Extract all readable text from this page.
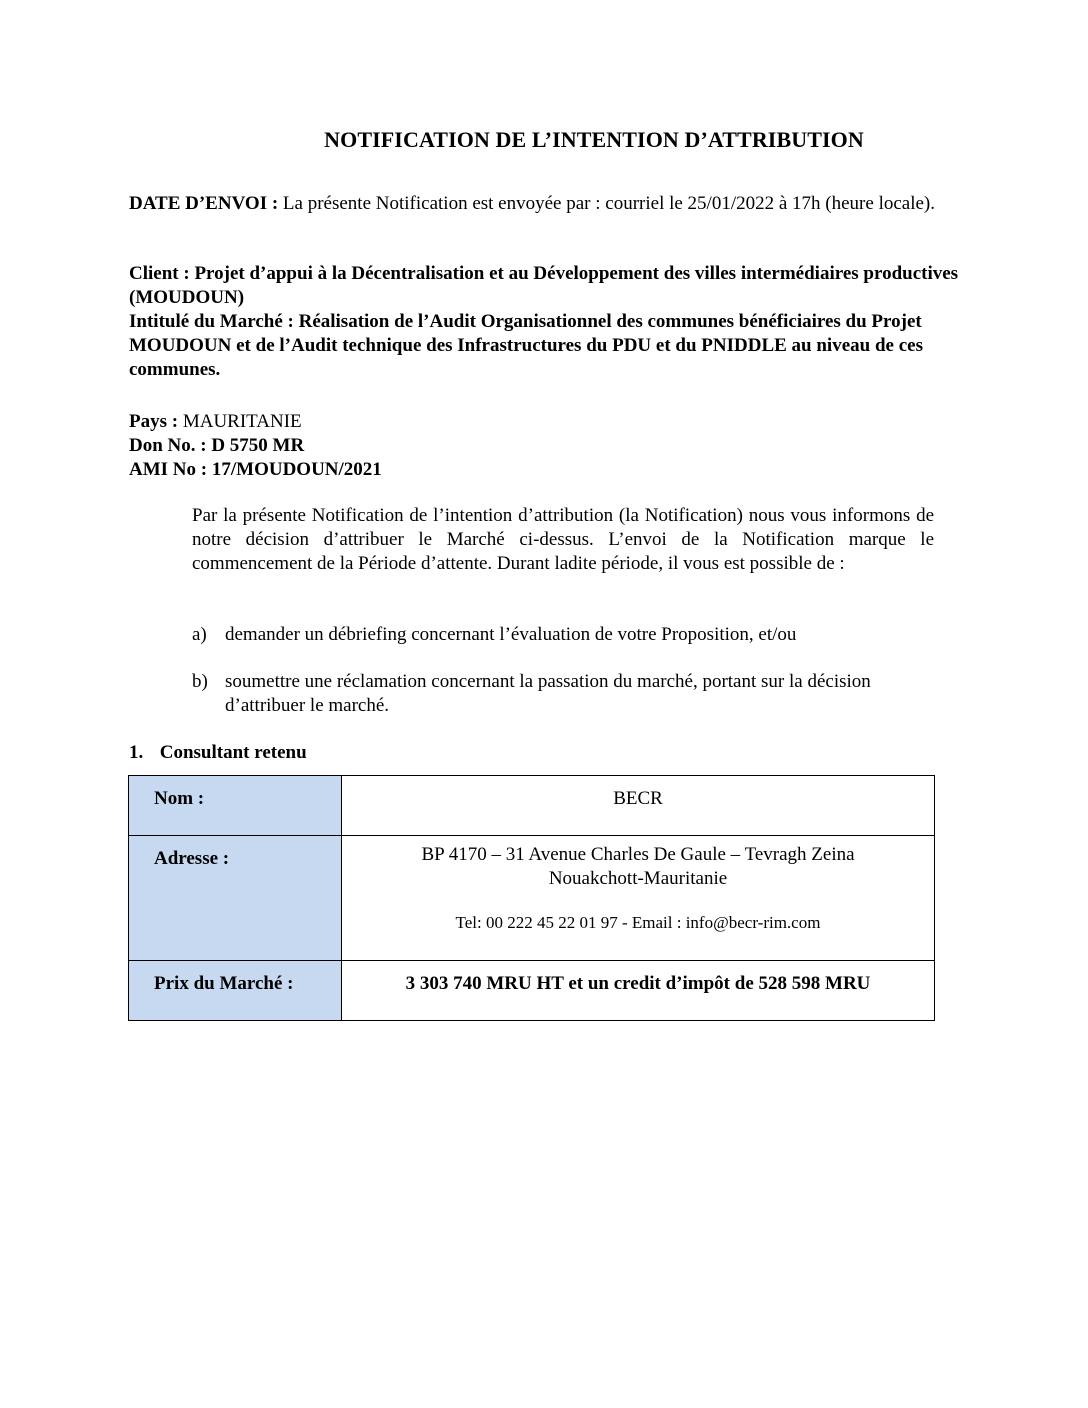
NOTIFICATION DE L’INTENTION D’ATTRIBUTION
DATE D’ENVOI : La présente Notification est envoyée par : courriel le 25/01/2022 à 17h (heure locale).
Client : Projet d’appui à la Décentralisation et au Développement des villes intermédiaires productives (MOUDOUN)
Intitulé du Marché : Réalisation de l’Audit Organisationnel des communes bénéficiaires du Projet MOUDOUN et de l’Audit technique des Infrastructures du PDU et du PNIDDLE au niveau de ces communes.
Pays : MAURITANIE
Don No. : D 5750 MR
AMI No : 17/MOUDOUN/2021
Par la présente Notification de l’intention d’attribution (la Notification) nous vous informons de notre décision d’attribuer le Marché ci-dessus. L’envoi de la Notification marque le commencement de la Période d’attente. Durant ladite période, il vous est possible de :
a) demander un débriefing concernant l’évaluation de votre Proposition, et/ou
b) soumettre une réclamation concernant la passation du marché, portant sur la décision d’attribuer le marché.
1. Consultant retenu
Nom :	BECR
Adresse :	BP 4170 – 31 Avenue Charles De Gaule – Tevragh Zeina
Nouakchott-Mauritanie
Tel: 00 222 45 22 01 97 - Email : info@becr-rim.com

Prix du Marché :	3 303 740 MRU HT et un credit d’impôt de 528 598 MRU
